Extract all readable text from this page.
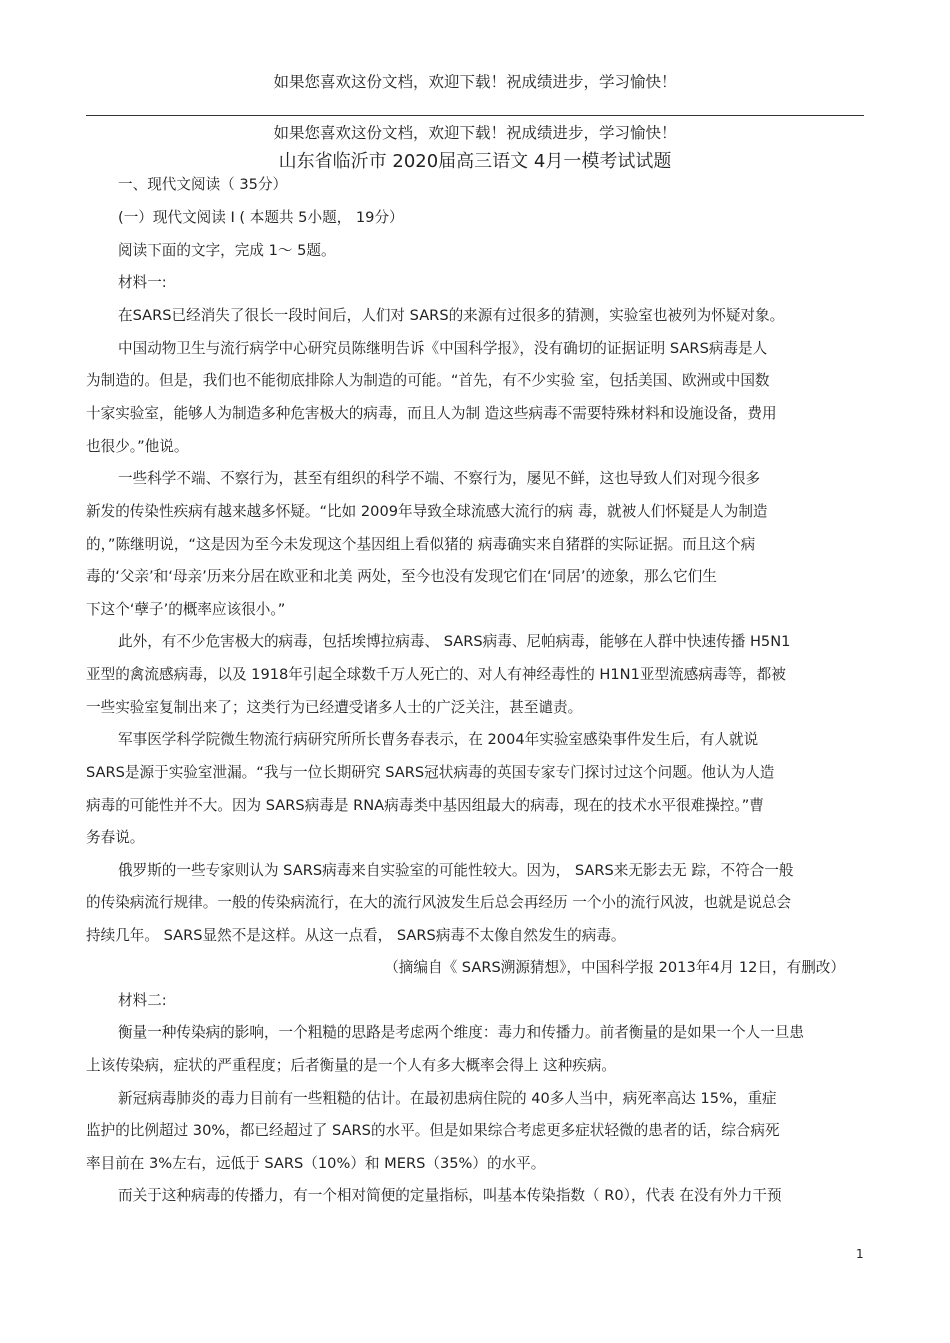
如果您喜欢这份文档，欢迎下载！祝成绩进步，学习愉快！
如果您喜欢这份文档，欢迎下载！祝成绩进步，学习愉快！
山东省临沂市 2020届高三语文 4月一模考试试题
一、现代文阅读（ 35分）
(一）现代文阅读 I ( 本题共 5小题， 19分）
阅读下面的文字，完成 1～ 5题。
材料一:
在SARS已经消失了很长一段时间后，人们对 SARS的来源有过很多的猜测，实验室也被列为怀疑对象。
中国动物卫生与流行病学中心研究员陈继明告诉《中国科学报》，没有确切的证据证明 SARS病毒是人
为制造的。但是，我们也不能彻底排除人为制造的可能。“首先，有不少实验 室，包括美国、欧洲或中国数
十家实验室，能够人为制造多种危害极大的病毒，而且人为制 造这些病毒不需要特殊材料和设施设备，费用
也很少。”他说。
一些科学不端、不察行为，甚至有组织的科学不端、不察行为，屡见不鲜，这也导致人们对现今很多
新发的传染性疾病有越来越多怀疑。“比如 2009年导致全球流感大流行的病 毒，就被人们怀疑是人为制造
的，”陈继明说，“这是因为至今未发现这个基因组上看似猪的 病毒确实来自猪群的实际证据。而且这个病
毒的‘父亲’和‘母亲’历来分居在欧亚和北美 两处，至今也没有发现它们在‘同居’的迹象，那么它们生
下这个‘孽子’的概率应该很小。”
此外，有不少危害极大的病毒，包括埃博拉病毒、 SARS病毒、尼帕病毒，能够在人群中快速传播 H5N1
亚型的禽流感病毒，以及 1918年引起全球数千万人死亡的、对人有神经毒性的 H1N1亚型流感病毒等，都被
一些实验室复制出来了；这类行为已经遭受诸多人士的广泛关注，甚至谴责。
军事医学科学院微生物流行病研究所所长曹务春表示，在 2004年实验室感染事件发生后，有人就说
SARS是源于实验室泄漏。“我与一位长期研究 SARS冠状病毒的英国专家专门探讨过这个问题。他认为人造
病毒的可能性并不大。因为 SARS病毒是 RNA病毒类中基因组最大的病毒，现在的技术水平很难操控。”曹
务春说。
俄罗斯的一些专家则认为 SARS病毒来自实验室的可能性较大。因为， SARS来无影去无 踪，不符合一般
的传染病流行规律。一般的传染病流行，在大的流行风波发生后总会再经历 一个小的流行风波，也就是说总会
持续几年。 SARS显然不是这样。从这一点看， SARS病毒不太像自然发生的病毒。
（摘编自《 SARS溯源猜想》，中国科学报 2013年4月 12日，有删改）
材料二:
衡量一种传染病的影响，一个粗糙的思路是考虑两个维度：毒力和传播力。前者衡量的是如果一个人一旦患
上该传染病，症状的严重程度；后者衡量的是一个人有多大概率会得上 这种疾病。
新冠病毒肺炎的毒力目前有一些粗糙的估计。在最初患病住院的 40多人当中，病死率高达 15%，重症
监护的比例超过 30%，都已经超过了 SARS的水平。但是如果综合考虑更多症状轻微的患者的话，综合病死
率目前在 3%左右，远低于 SARS（10%）和 MERS（35%）的水平。
而关于这种病毒的传播力，有一个相对简便的定量指标，叫基本传染指数（ R0），代表 在没有外力干预
1
